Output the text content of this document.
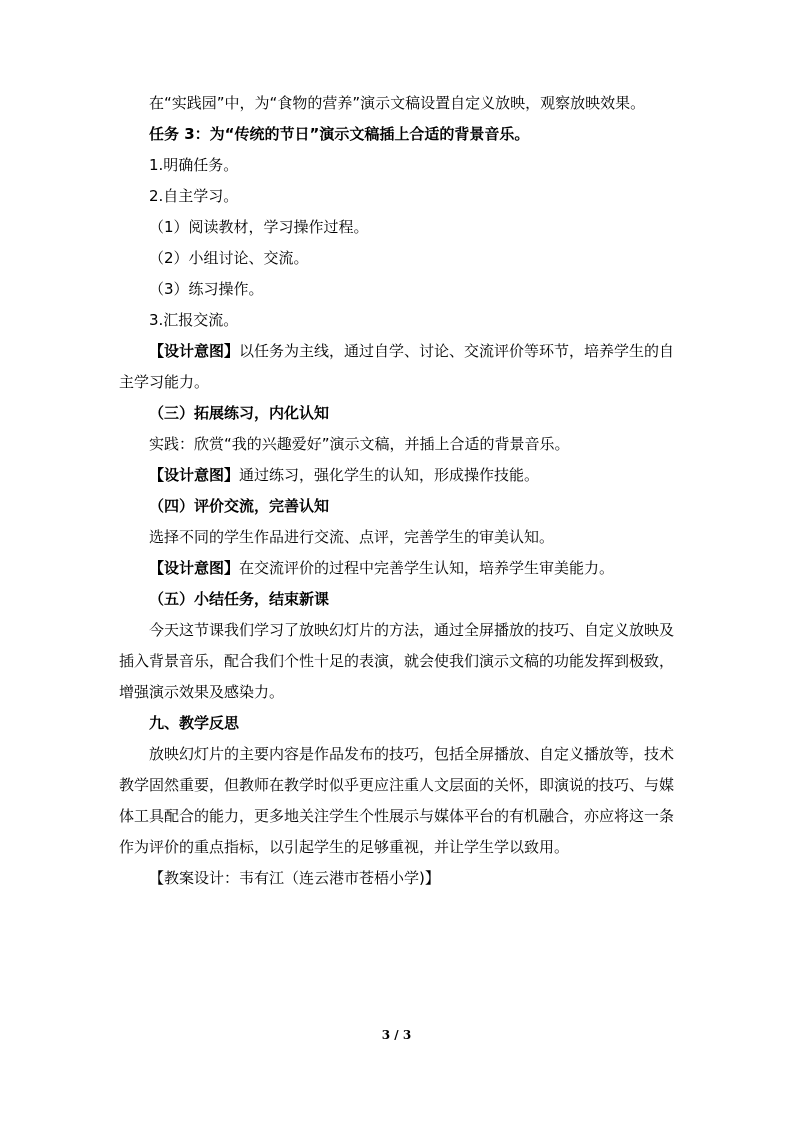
在“实践园”中，为“食物的营养”演示文稿设置自定义放映，观察放映效果。

任务 3：为“传统的节日”演示文稿插上合适的背景音乐。

1.明确任务。

2.自主学习。

（1）阅读教材，学习操作过程。

（2）小组讨论、交流。

（3）练习操作。

3.汇报交流。

【设计意图】以任务为主线，通过自学、讨论、交流评价等环节，培养学生的自主学习能力。

（三）拓展练习，内化认知

实践：欣赏“我的兴趣爱好”演示文稿，并插上合适的背景音乐。

【设计意图】通过练习，强化学生的认知，形成操作技能。

（四）评价交流，完善认知

选择不同的学生作品进行交流、点评，完善学生的审美认知。

【设计意图】在交流评价的过程中完善学生认知，培养学生审美能力。

（五）小结任务，结束新课

今天这节课我们学习了放映幻灯片的方法，通过全屏播放的技巧、自定义放映及插入背景音乐，配合我们个性十足的表演，就会使我们演示文稿的功能发挥到极致，增强演示效果及感染力。

九、教学反思

放映幻灯片的主要内容是作品发布的技巧，包括全屏播放、自定义播放等，技术教学固然重要，但教师在教学时似乎更应注重人文层面的关怀，即演说的技巧、与媒体工具配合的能力，更多地关注学生个性展示与媒体平台的有机融合，亦应将这一条作为评价的重点指标，以引起学生的足够重视，并让学生学以致用。

【教案设计：韦有江（连云港市苍梧小学)】

3 / 3
